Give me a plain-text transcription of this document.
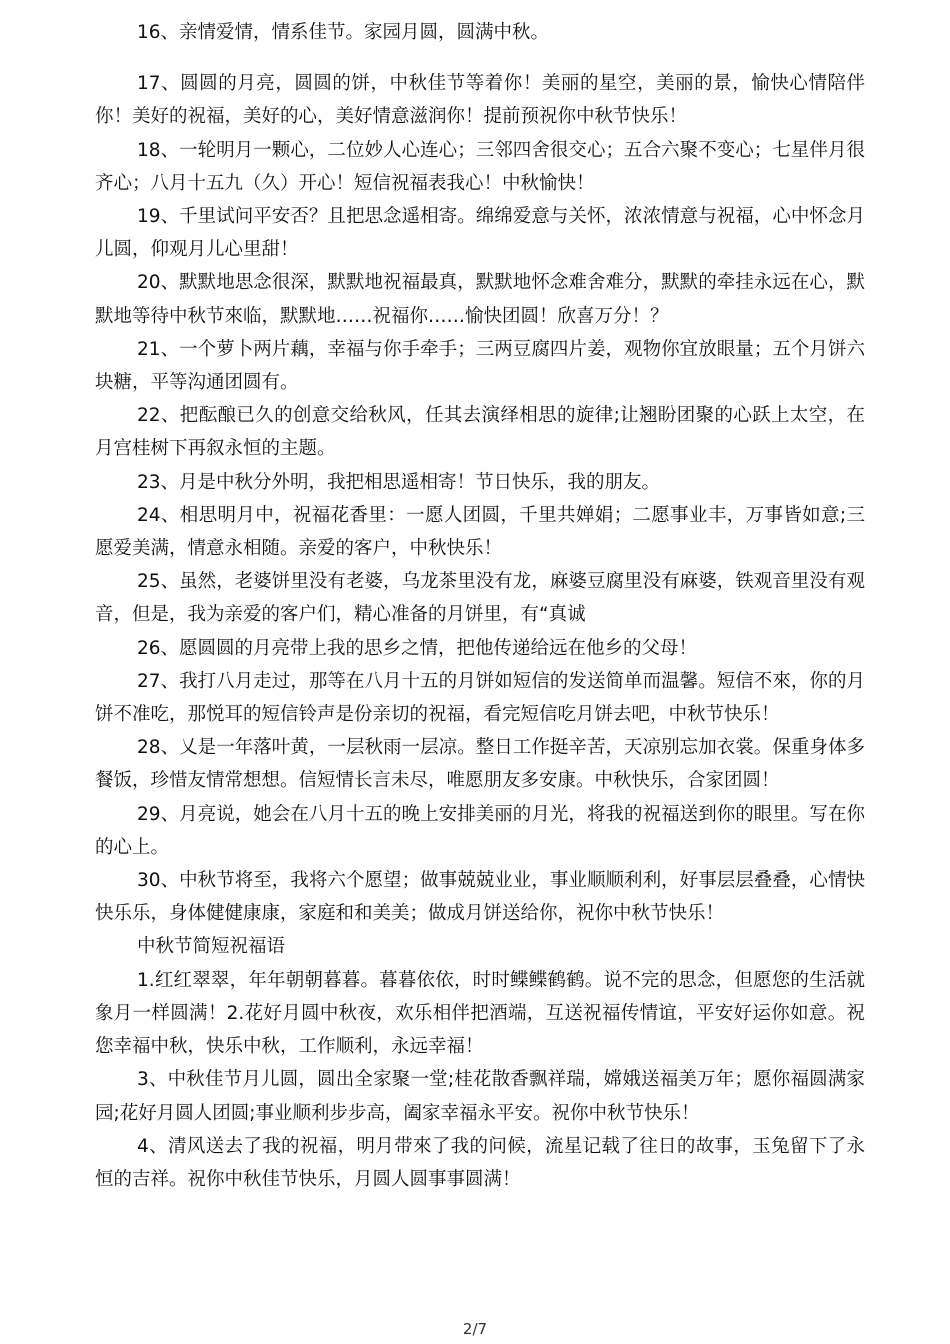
16、亲情爱情，情系佳节。家园月圆，圆满中秋。

17、圆圆的月亮，圆圆的饼，中秋佳节等着你！美丽的星空，美丽的景，愉快心情陪伴你！美好的祝福，美好的心，美好情意滋润你！提前预祝你中秋节快乐！

18、一轮明月一颗心，二位妙人心连心；三邻四舍很交心；五合六聚不变心；七星伴月很齐心；八月十五九（久）开心！短信祝福表我心！中秋愉快！

19、千里试问平安否？且把思念遥相寄。绵绵爱意与关怀，浓浓情意与祝福，心中怀念月儿圆，仰观月儿心里甜！

20、默默地思念很深，默默地祝福最真，默默地怀念难舍难分，默默的牵挂永远在心，默默地等待中秋节來临，默默地……祝福你……愉快团圆！欣喜万分！？

21、一个萝卜两片藕，幸福与你手牵手；三两豆腐四片姜，观物你宜放眼量；五个月饼六块糖，平等沟通团圆有。

22、把酝酿已久的创意交给秋风，任其去演绎相思的旋律;让翘盼团聚的心跃上太空，在月宫桂树下再叙永恒的主题。

23、月是中秋分外明，我把相思遥相寄！节日快乐，我的朋友。

24、相思明月中，祝福花香里：一愿人团圆，千里共婵娟；二愿事业丰，万事皆如意;三愿爱美满，情意永相随。亲爱的客户，中秋快乐！

25、虽然，老婆饼里没有老婆，乌龙茶里没有龙，麻婆豆腐里没有麻婆，铁观音里没有观音，但是，我为亲爱的客户们，精心准备的月饼里，有“真诚

26、愿圆圆的月亮带上我的思乡之情，把他传递给远在他乡的父母！

27、我打八月走过，那等在八月十五的月饼如短信的发送简单而温馨。短信不來，你的月饼不准吃，那悦耳的短信铃声是份亲切的祝福，看完短信吃月饼去吧，中秋节快乐！

28、乂是一年落叶黄，一层秋雨一层凉。整日工作挺辛苦，天凉别忘加衣裳。保重身体多餐饭，珍惜友情常想想。信短情长言未尽，唯愿朋友多安康。中秋快乐，合家团圆！

29、月亮说，她会在八月十五的晚上安排美丽的月光，将我的祝福送到你的眼里。写在你的心上。

30、中秋节将至，我将六个愿望；做事兢兢业业，事业顺顺利利，好事层层叠叠，心情快快乐乐，身体健健康康，家庭和和美美；做成月饼送给你，祝你中秋节快乐！

中秋节简短祝福语

1.红红翠翠，年年朝朝暮暮。暮暮依依，时时鲽鲽鹤鹤。说不完的思念，但愿您的生活就象月一样圆满！2.花好月圆中秋夜，欢乐相伴把酒端，互送祝福传情谊，平安好运你如意。祝您幸福中秋，快乐中秋，工作顺利，永远幸福！

3、中秋佳节月儿圆，圆出全家聚一堂;桂花散香飘祥瑞，嫦娥送福美万年；愿你福圆满家园;花好月圆人团圆;事业顺利步步高，阖家幸福永平安。祝你中秋节快乐！

4、清风送去了我的祝福，明月带來了我的问候，流星记载了往日的故事，玉兔留下了永恒的吉祥。祝你中秋佳节快乐，月圆人圆事事圆满！

2/7
